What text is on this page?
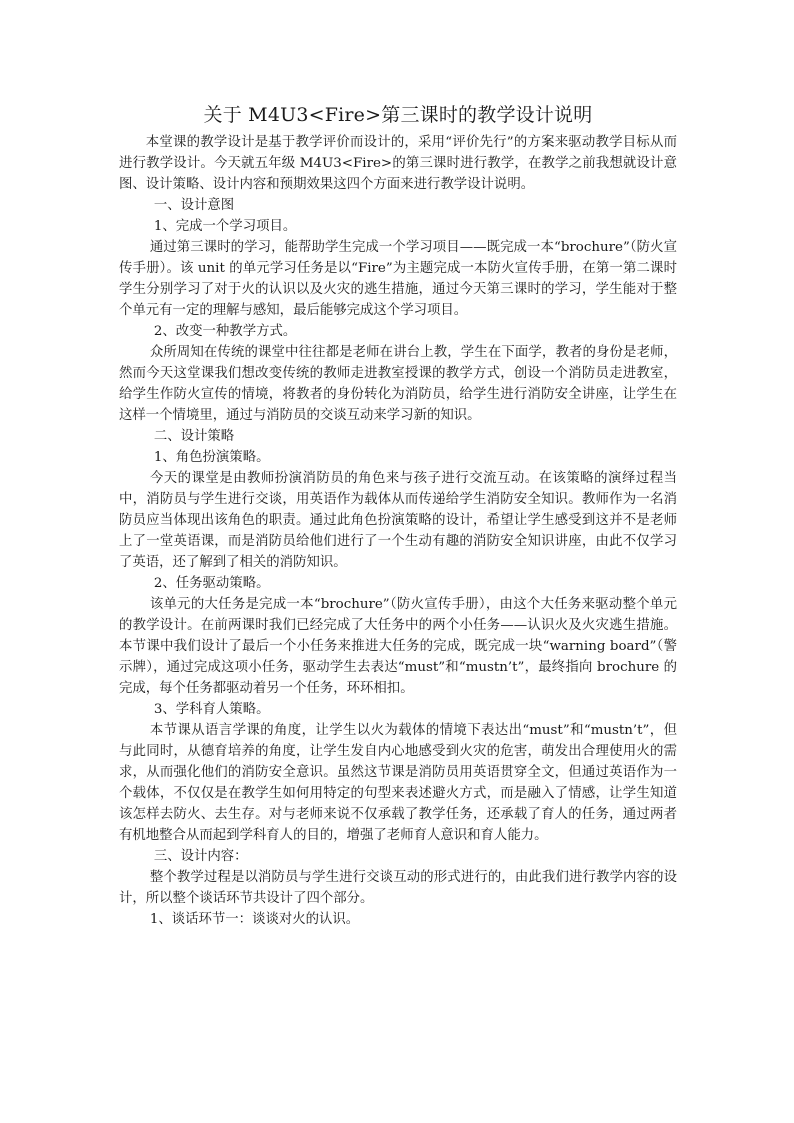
关于 M4U3<Fire>第三课时的教学设计说明

本堂课的教学设计是基于教学评价而设计的，采用“评价先行”的方案来驱动教学目标从而进行教学设计。今天就五年级 M4U3<Fire>的第三课时进行教学，在教学之前我想就设计意图、设计策略、设计内容和预期效果这四个方面来进行教学设计说明。

一、设计意图

1、完成一个学习项目。

通过第三课时的学习，能帮助学生完成一个学习项目——既完成一本“brochure”（防火宣传手册）。该 unit 的单元学习任务是以“Fire”为主题完成一本防火宣传手册，在第一第二课时学生分别学习了对于火的认识以及火灾的逃生措施，通过今天第三课时的学习，学生能对于整个单元有一定的理解与感知，最后能够完成这个学习项目。

2、改变一种教学方式。

众所周知在传统的课堂中往往都是老师在讲台上教，学生在下面学，教者的身份是老师，然而今天这堂课我们想改变传统的教师走进教室授课的教学方式，创设一个消防员走进教室，给学生作防火宣传的情境，将教者的身份转化为消防员，给学生进行消防安全讲座，让学生在这样一个情境里，通过与消防员的交谈互动来学习新的知识。

二、设计策略

1、角色扮演策略。

今天的课堂是由教师扮演消防员的角色来与孩子进行交流互动。在该策略的演绎过程当中，消防员与学生进行交谈，用英语作为载体从而传递给学生消防安全知识。教师作为一名消防员应当体现出该角色的职责。通过此角色扮演策略的设计，希望让学生感受到这并不是老师上了一堂英语课，而是消防员给他们进行了一个生动有趣的消防安全知识讲座，由此不仅学习了英语，还了解到了相关的消防知识。

2、任务驱动策略。

该单元的大任务是完成一本“brochure”（防火宣传手册），由这个大任务来驱动整个单元的教学设计。在前两课时我们已经完成了大任务中的两个小任务——认识火及火灾逃生措施。本节课中我们设计了最后一个小任务来推进大任务的完成，既完成一块“warning board”（警示牌），通过完成这项小任务，驱动学生去表达“must”和“mustn’t”，最终指向 brochure 的完成，每个任务都驱动着另一个任务，环环相扣。

3、学科育人策略。

本节课从语言学课的角度，让学生以火为载体的情境下表达出“must”和“mustn’t”，但与此同时，从德育培养的角度，让学生发自内心地感受到火灾的危害，萌发出合理使用火的需求，从而强化他们的消防安全意识。虽然这节课是消防员用英语贯穿全文，但通过英语作为一个载体，不仅仅是在教学生如何用特定的句型来表述避火方式，而是融入了情感，让学生知道该怎样去防火、去生存。对与老师来说不仅承载了教学任务，还承载了育人的任务，通过两者有机地整合从而起到学科育人的目的，增强了老师育人意识和育人能力。

三、设计内容：

整个教学过程是以消防员与学生进行交谈互动的形式进行的，由此我们进行教学内容的设计，所以整个谈话环节共设计了四个部分。

1、谈话环节一：谈谈对火的认识。
